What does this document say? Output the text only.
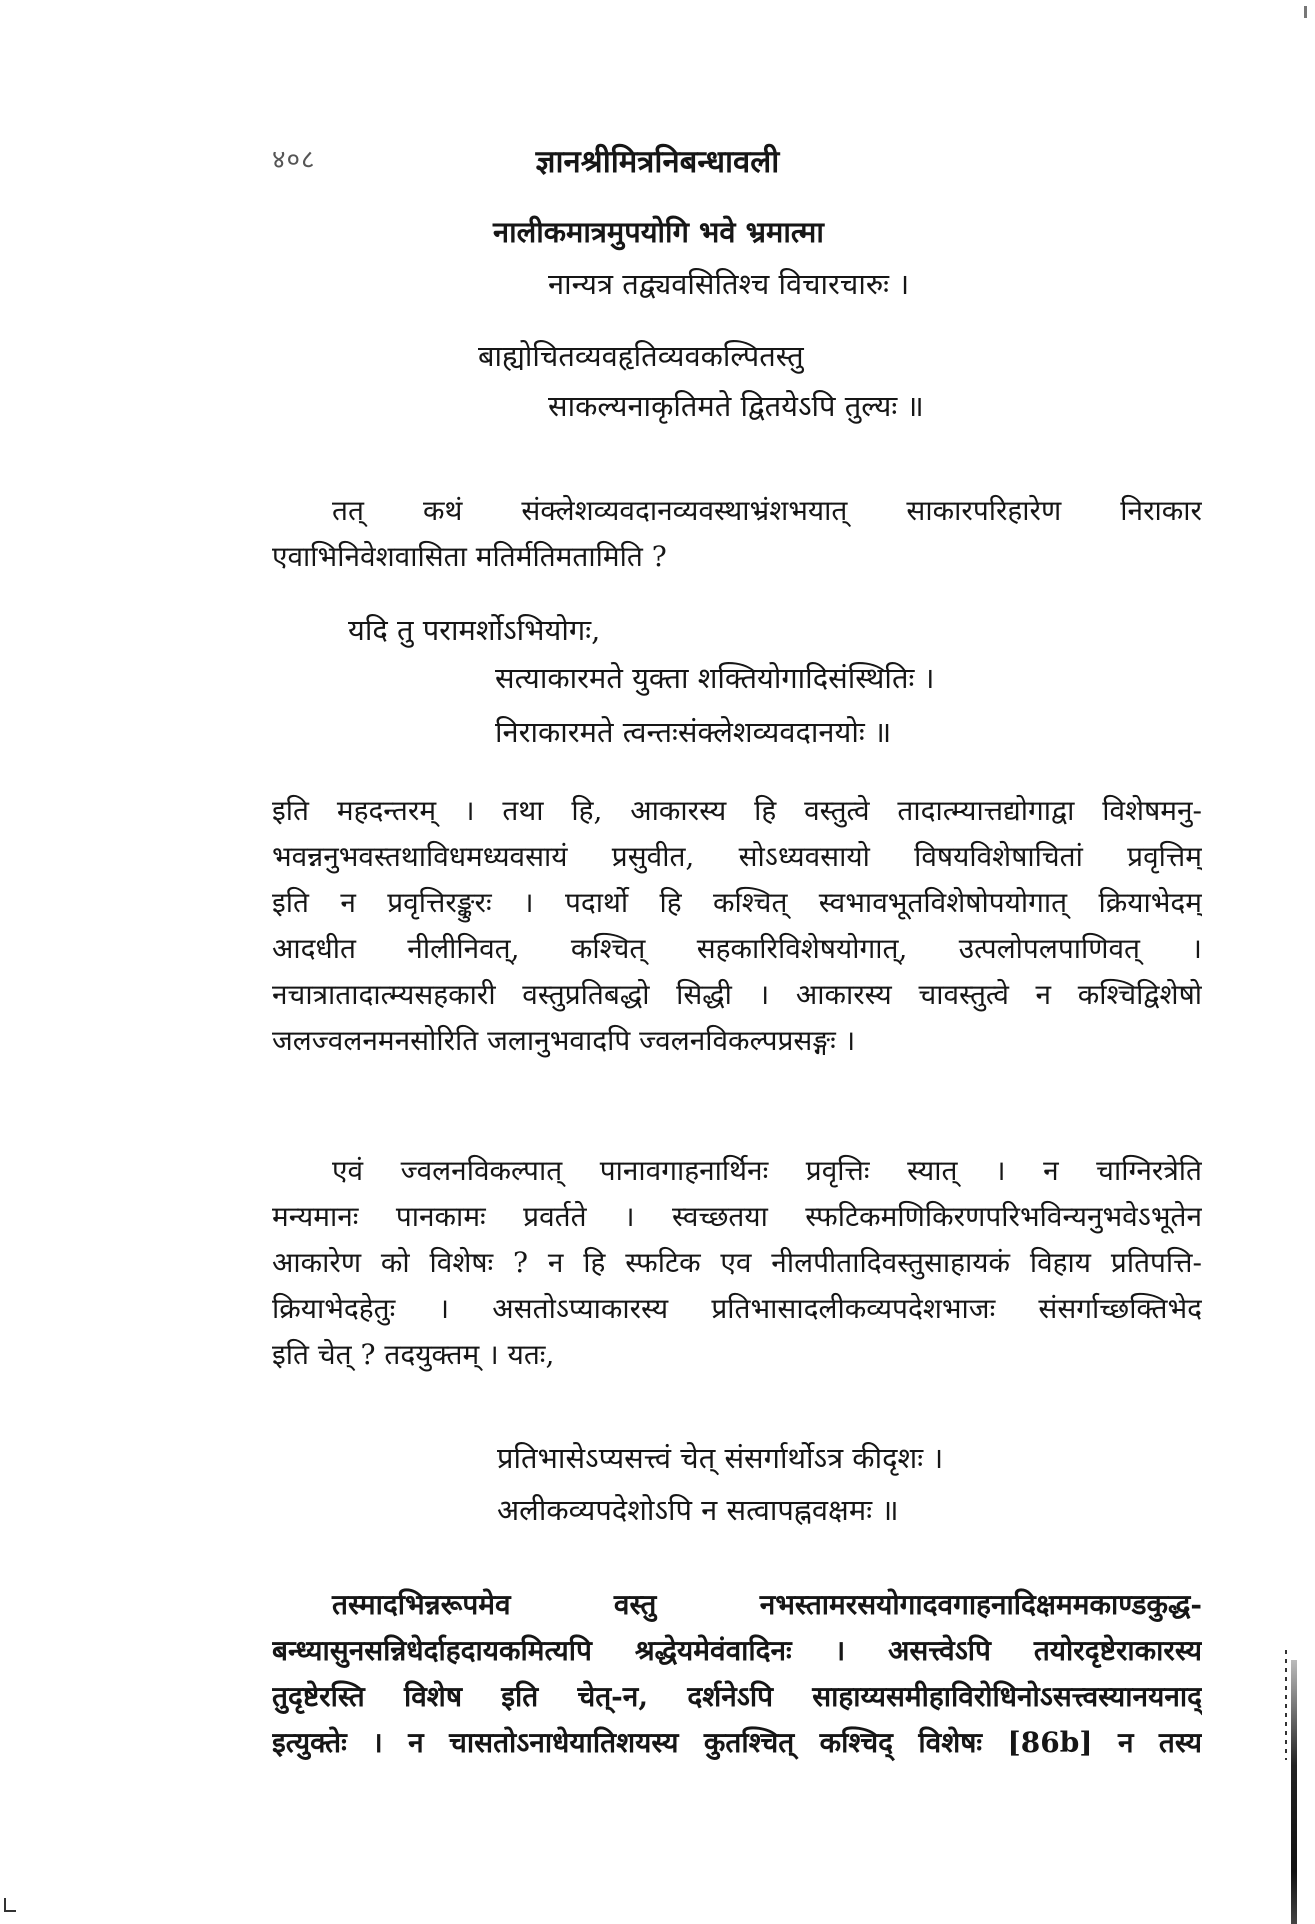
४०८	ज्ञानश्रीमित्रनिबन्धावली
नालीकमात्रमुपयोगि भवे भ्रमात्मा
नान्यत्र तद्व्यवसितिश्च विचारचारुः ।
बाह्योचितव्यवहृतिव्यवकल्पितस्तु
साकल्यनाकृतिमते द्वितयेऽपि तुल्यः ॥
तत् कथं संक्लेशव्यवदानव्यवस्थाभ्रंशभयात् साकारपरिहारेण निराकार
एवाभिनिवेशवासिता मतिर्मतिमतामिति ?
यदि तु परामर्शोऽभियोगः,
सत्याकारमते युक्ता शक्तियोगादिसंस्थितिः ।
निराकारमते त्वन्तःसंक्लेशव्यवदानयोः ॥
इति महदन्तरम् । तथा हि, आकारस्य हि वस्तुत्वे तादात्म्यात्तद्योगाद्वा विशेषमनु-
भवन्ननुभवस्तथाविधमध्यवसायं प्रसुवीत, सोऽध्यवसायो विषयविशेषाचितां प्रवृत्तिम्
इति न प्रवृत्तिरङ्कुरः । पदार्थो हि कश्चित् स्वभावभूतविशेषोपयोगात् क्रियाभेदम्
आदधीत नीलीनिवत्, कश्चित् सहकारिविशेषयोगात्, उत्पलोपलपाणिवत् ।
नचात्रातादात्म्यसहकारी वस्तुप्रतिबद्धो सिद्धी । आकारस्य चावस्तुत्वे न कश्चिद्विशेषो
जलज्वलनमनसोरिति जलानुभवादपि ज्वलनविकल्पप्रसङ्गः ।
एवं ज्वलनविकल्पात् पानावगाहनार्थिनः प्रवृत्तिः स्यात् । न चाग्निरत्रेति
मन्यमानः पानकामः प्रवर्तते । स्वच्छतया स्फटिकमणिकिरणपरिभविन्यनुभवेऽभूतेन
आकारेण को विशेषः ? न हि स्फटिक एव नीलपीतादिवस्तुसाहायकं विहाय प्रतिपत्ति-
क्रियाभेदहेतुः । असतोऽप्याकारस्य प्रतिभासादलीकव्यपदेशभाजः संसर्गाच्छक्तिभेद
इति चेत् ? तदयुक्तम् । यतः,
प्रतिभासेऽप्यसत्त्वं चेत् संसर्गार्थोऽत्र कीदृशः ।
अलीकव्यपदेशोऽपि न सत्वापह्नवक्षमः ॥
तस्मादभिन्नरूपमेव वस्तु नभस्तामरसयोगादवगाहनादिक्षममकाण्डकुद्ध-
बन्ध्यासुनसन्निधेर्दाहदायकमित्यपि श्रद्धेयमेवंवादिनः । असत्त्वेऽपि तयोरदृष्टेराकारस्य
तुदृष्टेरस्ति विशेष इति चेत्-न, दर्शनेऽपि साहाय्यसमीहाविरोधिनोऽसत्त्वस्यानयनाद्
इत्युक्तेः । न चासतोऽनाधेयातिशयस्य कुतश्चित् कश्चिद् विशेषः [86b] न तस्य
